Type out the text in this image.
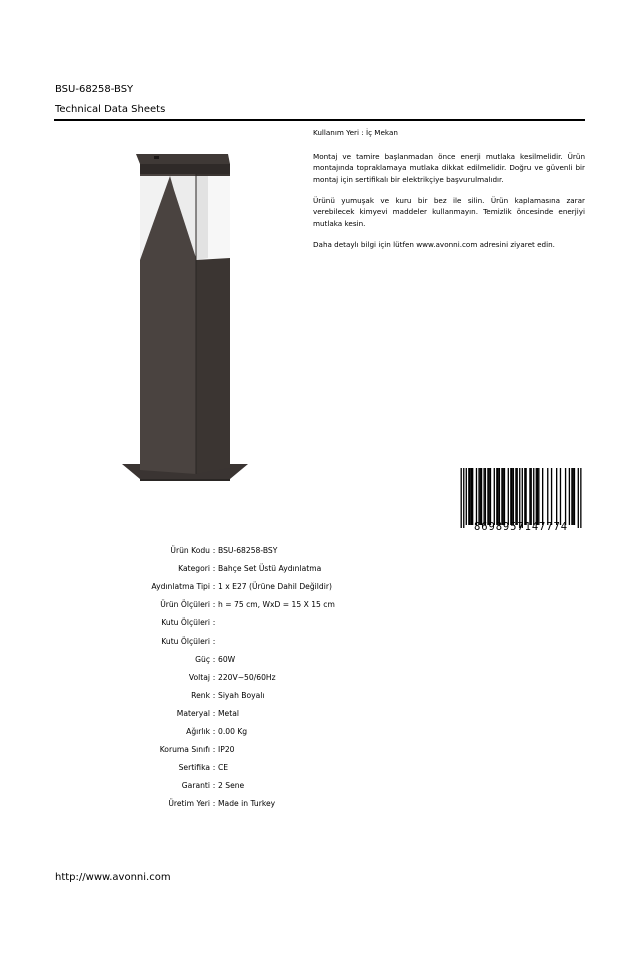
BSU-68258-BSY
Technical Data Sheets

Kullanım Yeri : İç Mekan

Montaj ve tamire başlanmadan önce enerji mutlaka kesilmelidir. Ürün montajında topraklamaya mutlaka dikkat edilmelidir. Doğru ve güvenli bir montaj için sertifikalı bir elektrikçiye başvurulmalıdır.

Ürünü yumuşak ve kuru bir bez ile silin. Ürün kaplamasına zarar verebilecek kimyevi maddeler kullanmayın. Temizlik öncesinde enerjiyi mutlaka kesin.

Daha detaylı bilgi için lütfen www.avonni.com adresini ziyaret edin.

8698957147774
Ürün Kodu : BSU-68258-BSY
Kategori : Bahçe Set Üstü Aydınlatma
Aydınlatma Tipi : 1 x E27 (Ürüne Dahil Değildir)
Ürün Ölçüleri : h = 75 cm, WxD = 15 X 15 cm
Kutu Ölçüleri :
Kutu Ölçüleri :
Güç : 60W
Voltaj : 220V~50/60Hz
Renk : Siyah Boyalı
Materyal : Metal
Ağırlık : 0.00 Kg
Koruma Sınıfı : IP20
Sertifika : CE
Garanti : 2 Sene
Üretim Yeri : Made in Turkey
http://www.avonni.com
